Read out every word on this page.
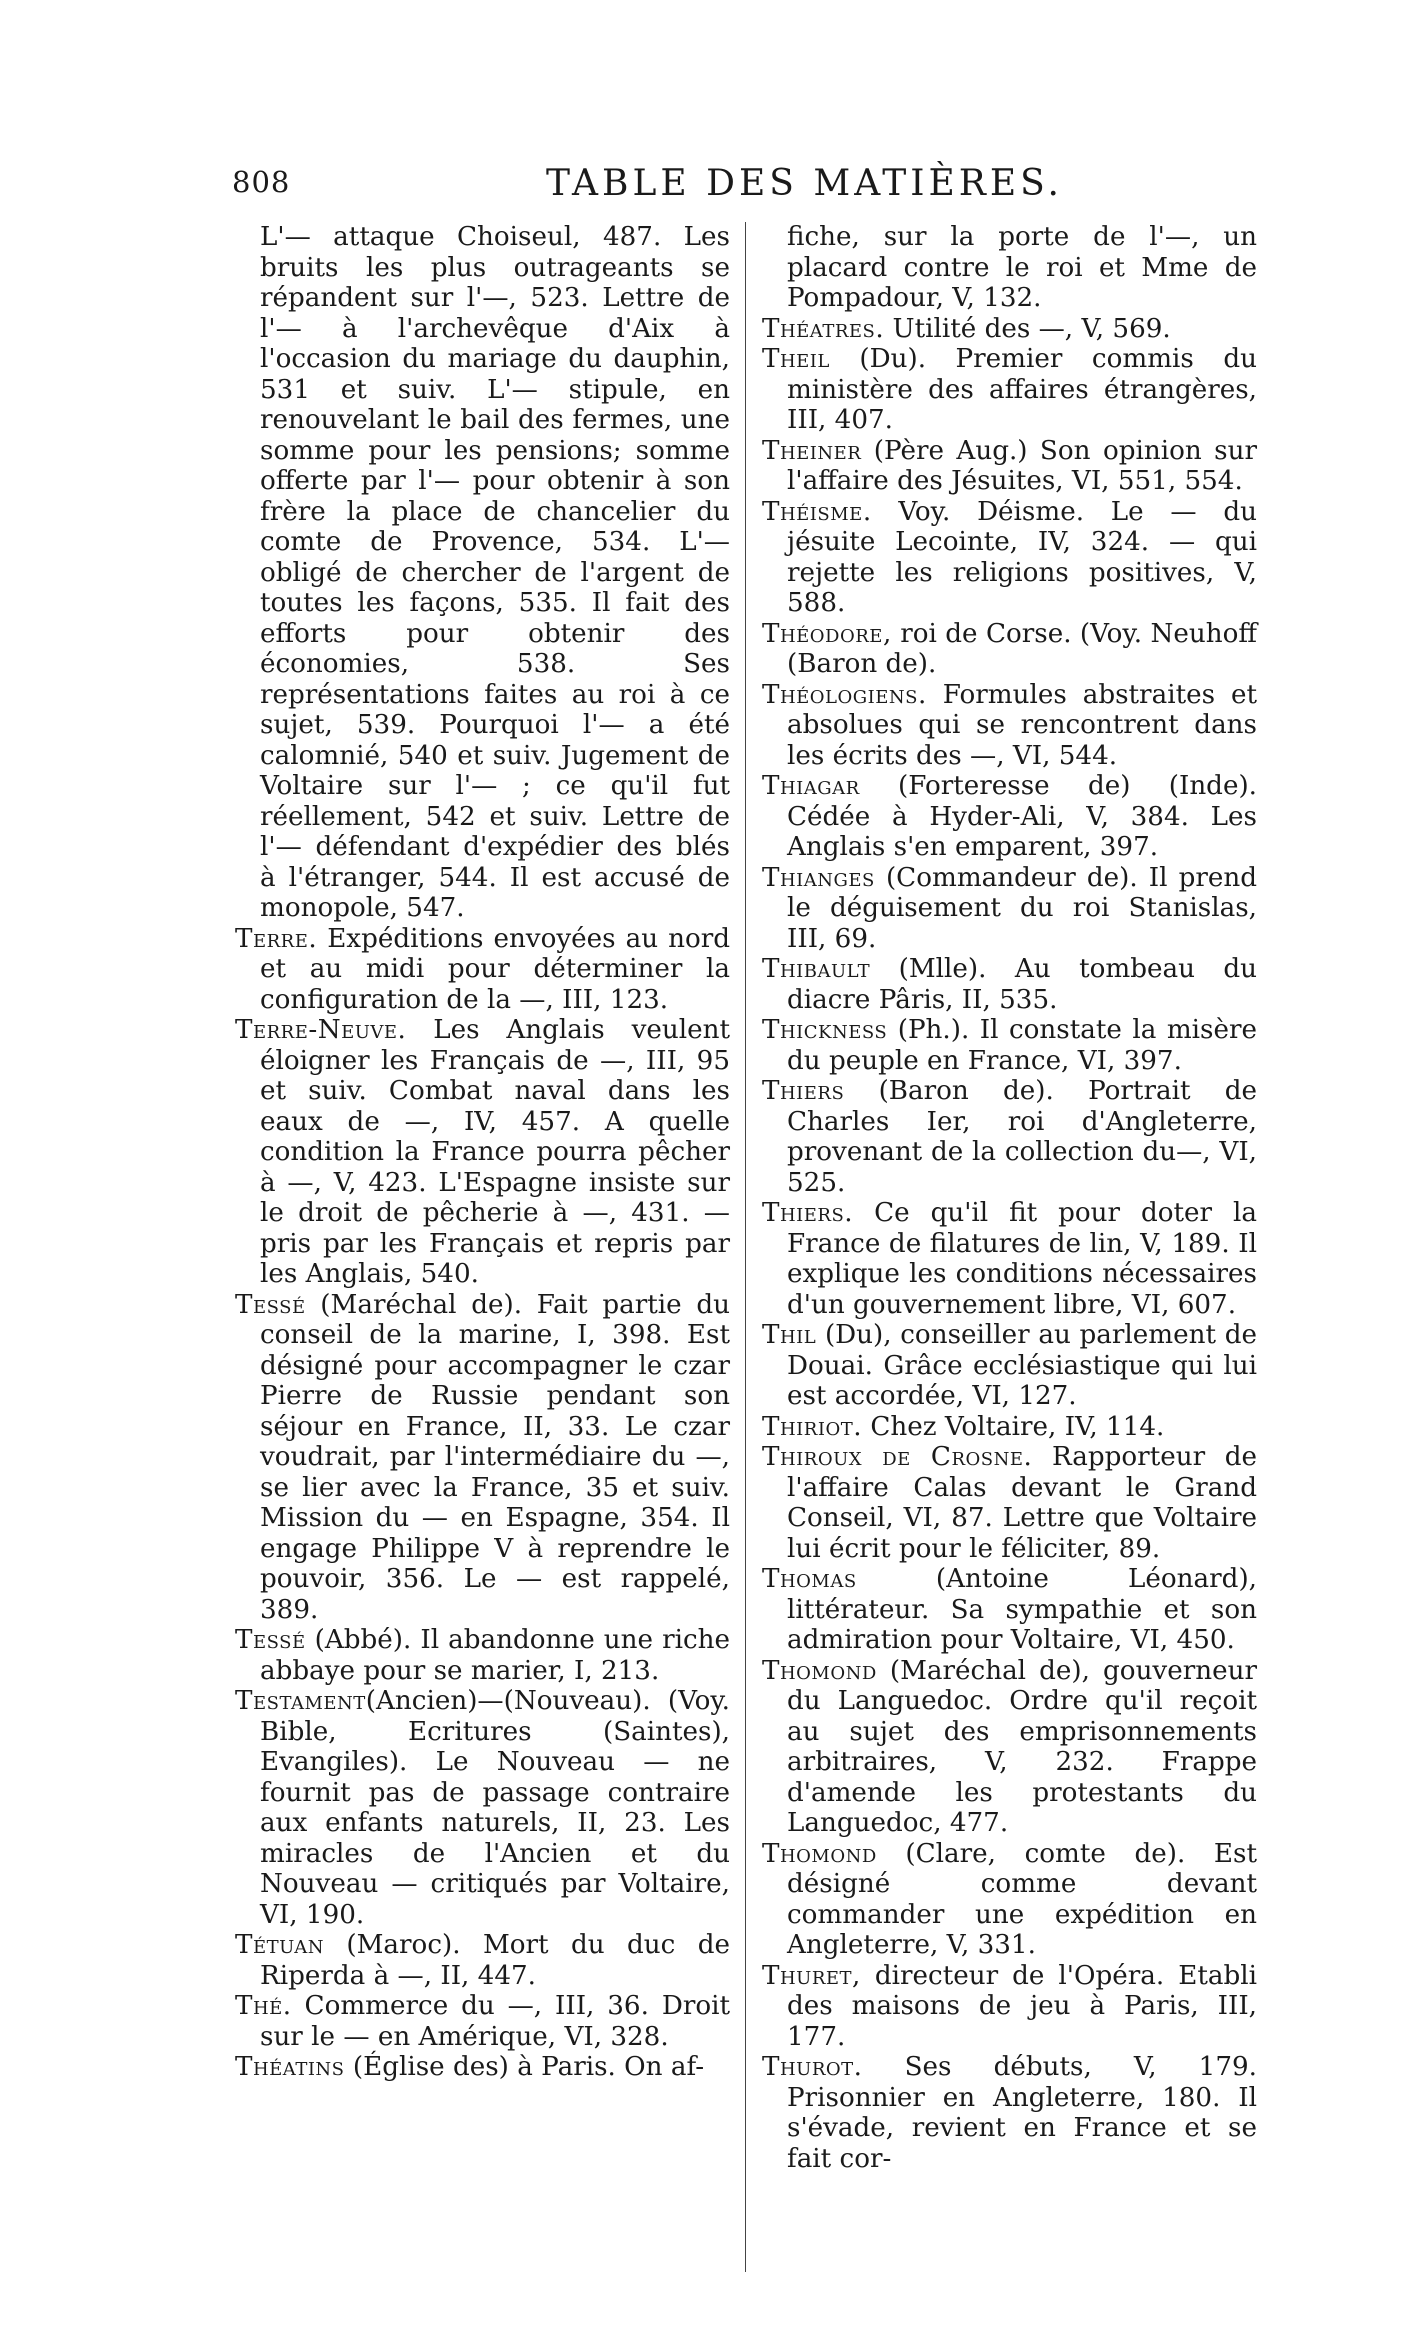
808	TABLE DES MATIÈRES.

L'— attaque Choiseul, 487. Les bruits les plus outrageants se répandent sur l'—, 523. Lettre de l'— à l'archevêque d'Aix à l'occasion du mariage du dauphin, 531 et suiv. L'— stipule, en renouvelant le bail des fermes, une somme pour les pensions; somme offerte par l'— pour obtenir à son frère la place de chancelier du comte de Provence, 534. L'— obligé de chercher de l'argent de toutes les façons, 535. Il fait des efforts pour obtenir des économies, 538. Ses représentations faites au roi à ce sujet, 539. Pourquoi l'— a été calomnié, 540 et suiv. Jugement de Voltaire sur l'— ; ce qu'il fut réellement, 542 et suiv. Lettre de l'— défendant d'expédier des blés à l'étranger, 544. Il est accusé de monopole, 547.

Terre. Expéditions envoyées au nord et au midi pour déterminer la configuration de la —, III, 123.

Terre-Neuve. Les Anglais veulent éloigner les Français de —, III, 95 et suiv. Combat naval dans les eaux de —, IV, 457. A quelle condition la France pourra pêcher à —, V, 423. L'Espagne insiste sur le droit de pêcherie à —, 431. —pris par les Français et repris par les Anglais, 540.

Tessé (Maréchal de). Fait partie du conseil de la marine, I, 398. Est désigné pour accompagner le czar Pierre de Russie pendant son séjour en France, II, 33. Le czar voudrait, par l'intermédiaire du —, se lier avec la France, 35 et suiv. Mission du — en Espagne, 354. Il engage Philippe V à reprendre le pouvoir, 356. Le — est rappelé, 389.

Tessé (Abbé). Il abandonne une riche abbaye pour se marier, I, 213.

Testament(Ancien)—(Nouveau). (Voy. Bible, Ecritures (Saintes), Evangiles). Le Nouveau — ne fournit pas de passage contraire aux enfants naturels, II, 23. Les miracles de l'Ancien et du Nouveau — critiqués par Voltaire, VI, 190.

Tétuan (Maroc). Mort du duc de Riperda à —, II, 447.

Thé. Commerce du —, III, 36. Droit sur le — en Amérique, VI, 328.

Théatins (Église des) à Paris. On af-

fiche, sur la porte de l'—, un placard contre le roi et Mme de Pompadour, V, 132.

Théatres. Utilité des —, V, 569.

Theil (Du). Premier commis du ministère des affaires étrangères, III, 407.

Theiner (Père Aug.) Son opinion sur l'affaire des Jésuites, VI, 551, 554.

Théisme. Voy. Déisme. Le — du jésuite Lecointe, IV, 324. — qui rejette les religions positives, V, 588.

Théodore, roi de Corse. (Voy. Neuhoff (Baron de).

Théologiens. Formules abstraites et absolues qui se rencontrent dans les écrits des —, VI, 544.

Thiagar (Forteresse de) (Inde). Cédée à Hyder-Ali, V, 384. Les Anglais s'en emparent, 397.

Thianges (Commandeur de). Il prend le déguisement du roi Stanislas, III, 69.

Thibault (Mlle). Au tombeau du diacre Pâris, II, 535.

Thickness (Ph.). Il constate la misère du peuple en France, VI, 397.

Thiers (Baron de). Portrait de Charles Ier, roi d'Angleterre, provenant de la collection du—, VI, 525.

Thiers. Ce qu'il fit pour doter la France de filatures de lin, V, 189. Il explique les conditions nécessaires d'un gouvernement libre, VI, 607.

Thil (Du), conseiller au parlement de Douai. Grâce ecclésiastique qui lui est accordée, VI, 127.

Thiriot. Chez Voltaire, IV, 114.

Thiroux de Crosne. Rapporteur de l'affaire Calas devant le Grand Conseil, VI, 87. Lettre que Voltaire lui écrit pour le féliciter, 89.

Thomas (Antoine Léonard), littérateur. Sa sympathie et son admiration pour Voltaire, VI, 450.

Thomond (Maréchal de), gouverneur du Languedoc. Ordre qu'il reçoit au sujet des emprisonnements arbitraires, V, 232. Frappe d'amende les protestants du Languedoc, 477.

Thomond (Clare, comte de). Est désigné comme devant commander une expédition en Angleterre, V, 331.

Thuret, directeur de l'Opéra. Etabli des maisons de jeu à Paris, III, 177.

Thurot. Ses débuts, V, 179. Prisonnier en Angleterre, 180. Il s'évade, revient en France et se fait cor-
